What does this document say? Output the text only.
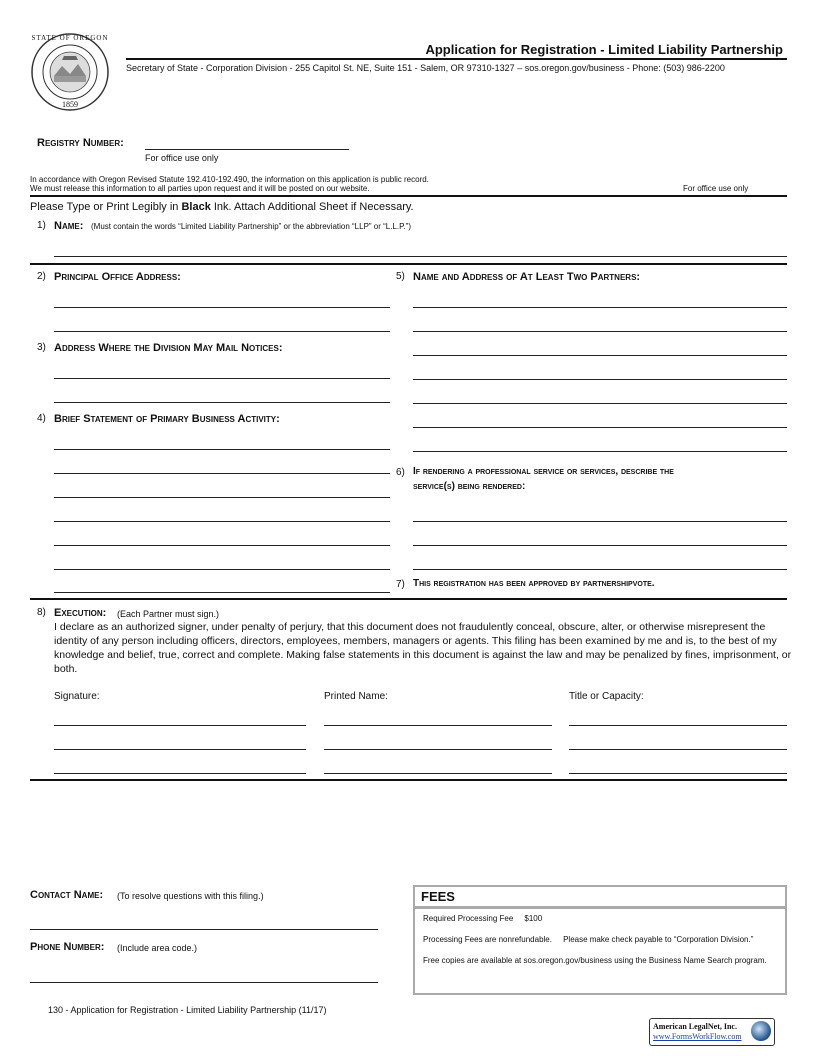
STATE OF OREGON
1859
Application for Registration - Limited Liability Partnership
Secretary of State - Corporation Division - 255 Capitol St. NE, Suite 151 - Salem, OR 97310-1327 – sos.oregon.gov/business - Phone: (503) 986-2200
Registry Number:
For office use only
In accordance with Oregon Revised Statute 192.410-192.490, the information on this application is public record.
We must release this information to all parties upon request and it will be posted on our website.	For office use only
Please Type or Print Legibly in Black Ink. Attach Additional Sheet if Necessary.
1) Name: (Must contain the words “Limited Liability Partnership” or the abbreviation “LLP” or “L.L.P.”)
2) Principal Office Address:
3) Address Where the Division May Mail Notices:
4) Brief Statement of Primary Business Activity:
5) Name and Address of At Least Two Partners:
6) If rendering a professional service or services, describe the
service(s) being rendered:
7) This registration has been approved by partnershipvote.
8) Execution: (Each Partner must sign.)
I declare as an authorized signer, under penalty of perjury, that this document does not fraudulently conceal, obscure, alter, or otherwise misrepresent the identity of any person including officers, directors, employees, members, managers or agents. This filing has been examined by me and is, to the best of my knowledge and belief, true, correct and complete. Making false statements in this document is against the law and may be penalized by fines, imprisonment, or both.
Signature:	Printed Name:	Title or Capacity:
Contact Name: (To resolve questions with this filing.)
Phone Number: (Include area code.)
FEES
Required Processing Fee $100
Processing Fees are nonrefundable.     Please make check payable to “Corporation Division.”
Free copies are available at sos.oregon.gov/business using the Business Name Search program.
130 - Application for Registration - Limited Liability Partnership (11/17)
American LegalNet, Inc.
www.FormsWorkFlow.com
